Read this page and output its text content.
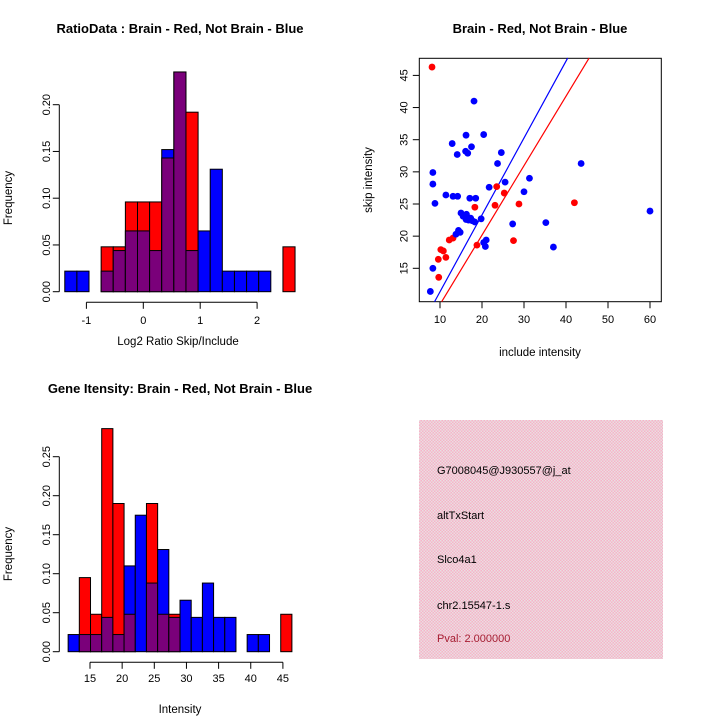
-1	0	1	2
0.00
0.05
0.10
0.15
0.20
RatioData : Brain - Red, Not Brain - Blue
Log2 Ratio Skip/Include
Frequency
10	20	30	40	50	60
15
20
25
30
35
40
45
Brain - Red, Not Brain - Blue
include intensity
skip intensity
15 20 25 30 35 40 45
0.00
0.05
0.10
0.15
0.20
0.25
Gene Itensity: Brain - Red, Not Brain - Blue
Intensity
Frequency
G7008045@J930557@j_at
altTxStart
Slco4a1
chr2.15547-1.s
Pval: 2.000000
